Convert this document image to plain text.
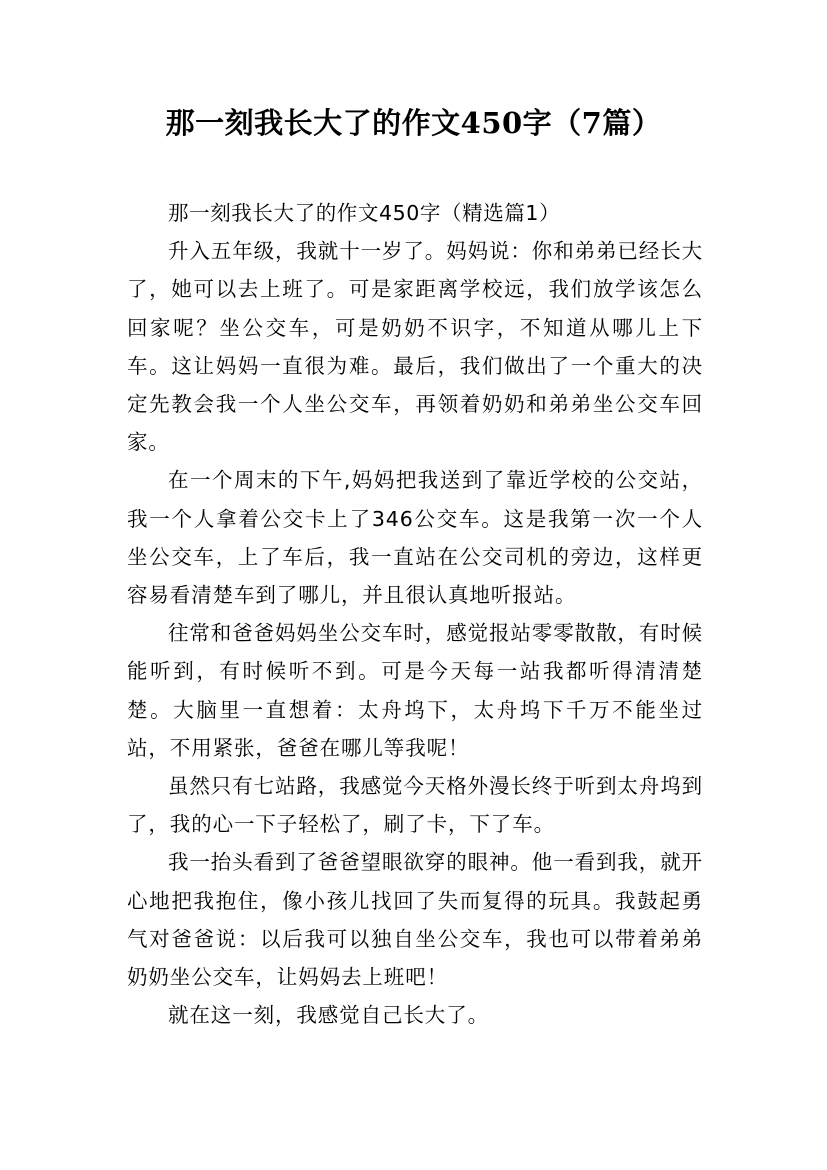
那一刻我长大了的作文450字（7篇）

那一刻我长大了的作文450字（精选篇1）

升入五年级，我就十一岁了。妈妈说：你和弟弟已经长大了，她可以去上班了。可是家距离学校远，我们放学该怎么回家呢？坐公交车，可是奶奶不识字，不知道从哪儿上下车。这让妈妈一直很为难。最后，我们做出了一个重大的决定先教会我一个人坐公交车，再领着奶奶和弟弟坐公交车回家。

在一个周末的下午,妈妈把我送到了靠近学校的公交站，我一个人拿着公交卡上了346公交车。这是我第一次一个人坐公交车，上了车后，我一直站在公交司机的旁边，这样更容易看清楚车到了哪儿，并且很认真地听报站。

往常和爸爸妈妈坐公交车时，感觉报站零零散散，有时候能听到，有时候听不到。可是今天每一站我都听得清清楚楚。大脑里一直想着：太舟坞下，太舟坞下千万不能坐过站，不用紧张，爸爸在哪儿等我呢！

虽然只有七站路，我感觉今天格外漫长终于听到太舟坞到了，我的心一下子轻松了，刷了卡，下了车。

我一抬头看到了爸爸望眼欲穿的眼神。他一看到我，就开心地把我抱住，像小孩儿找回了失而复得的玩具。我鼓起勇气对爸爸说：以后我可以独自坐公交车，我也可以带着弟弟奶奶坐公交车，让妈妈去上班吧！

就在这一刻，我感觉自己长大了。
